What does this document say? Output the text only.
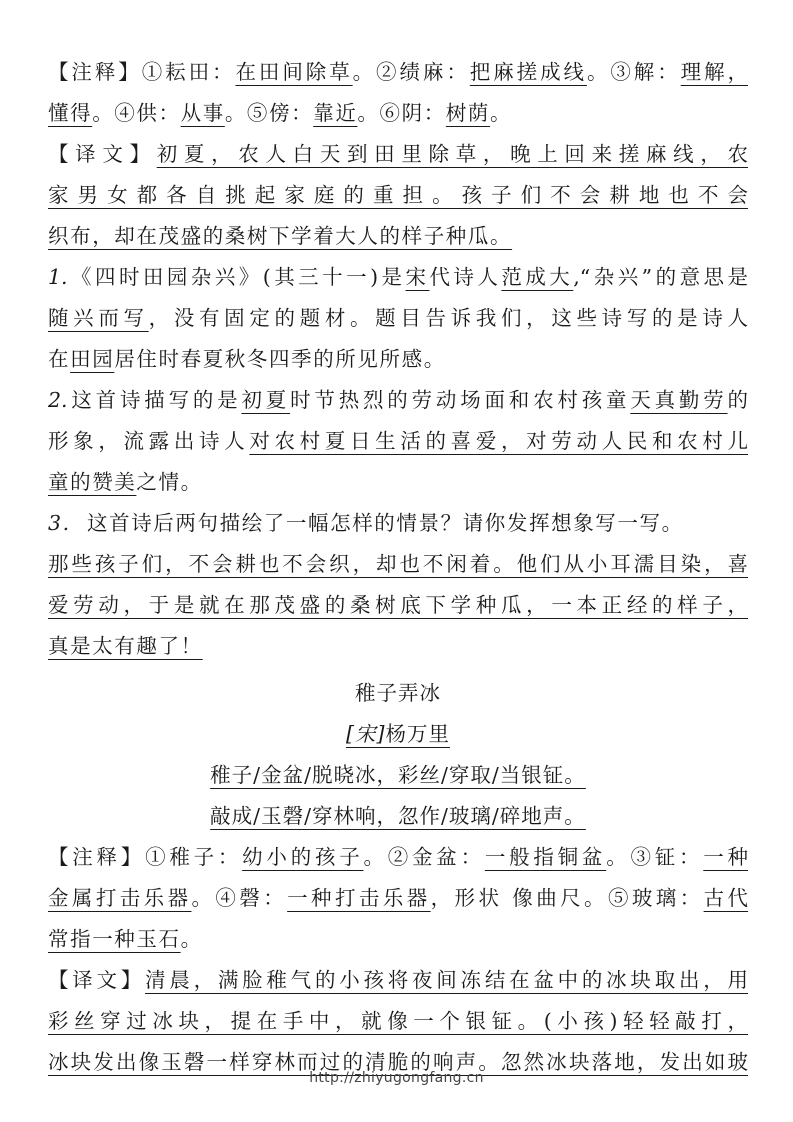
【注释】①耘田：在田间除草。②绩麻：把麻搓成线。③解：理解，
懂得。④供：从事。⑤傍：靠近。⑥阴：树荫。
【译文】初夏，农人白天到田里除草，晚上回来搓麻线，农
家男女都各自挑起家庭的重担。孩子们不会耕地也不会
织布，却在茂盛的桑树下学着大人的样子种瓜。
1.《四时田园杂兴》(其三十一)是宋代诗人范成大,“杂兴”的意思是
随兴而写，没有固定的题材。题目告诉我们，这些诗写的是诗人
在田园居住时春夏秋冬四季的所见所感。
2.这首诗描写的是初夏时节热烈的劳动场面和农村孩童天真勤劳的
形象，流露出诗人对农村夏日生活的喜爱，对劳动人民和农村儿
童的赞美之情。
3. 这首诗后两句描绘了一幅怎样的情景？请你发挥想象写一写。
那些孩子们，不会耕也不会织，却也不闲着。他们从小耳濡目染，喜
爱劳动，于是就在那茂盛的桑树底下学种瓜，一本正经的样子，
真是太有趣了！
稚子弄冰
[宋]杨万里
稚子/金盆/脱晓冰，彩丝/穿取/当银钲。
敲成/玉磬/穿林响，忽作/玻璃/碎地声。
【注释】①稚子：幼小的孩子。②金盆：一般指铜盆。③钲：一种
金属打击乐器。④磬：一种打击乐器，形状 像曲尺。⑤玻璃：古代
常指一种玉石。
【译文】清晨，满脸稚气的小孩将夜间冻结在盆中的冰块取出，用
彩丝穿过冰块，提在手中，就像一个银钲。(小孩)轻轻敲打，
冰块发出像玉磬一样穿林而过的清脆的响声。忽然冰块落地，发出如玻
http://zhiyugongfang.cn
